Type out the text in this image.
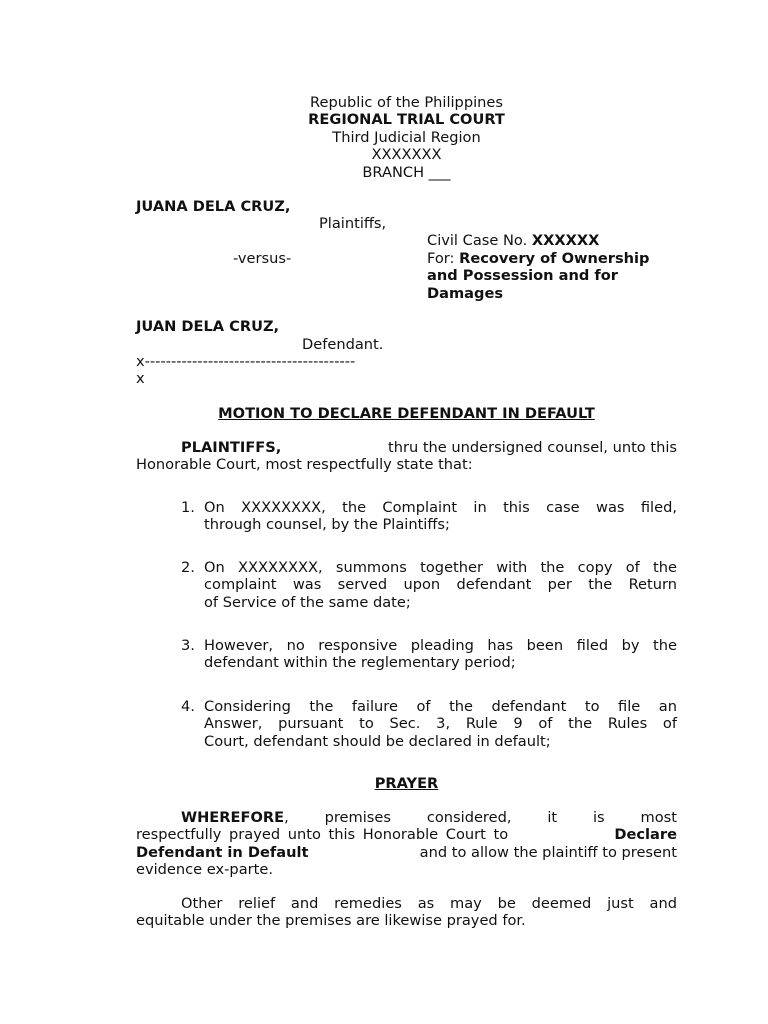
Republic of the Philippines
REGIONAL TRIAL COURT
Third Judicial Region
XXXXXXX
BRANCH ___
JUANA DELA CRUZ,
Plaintiffs,
Civil Case No. XXXXXX
-versus-	For: Recovery of Ownership
and Possession and for
Damages
JUAN DELA CRUZ,
Defendant.
x----------------------------------------
x
MOTION TO DECLARE DEFENDANT IN DEFAULT
PLAINTIFFS,	thru the undersigned counsel, unto this
Honorable Court, most respectfully state that:
1. On XXXXXXXX, the Complaint in this case was filed,
through counsel, by the Plaintiffs;
2. On XXXXXXXX, summons together with the copy of the
complaint was served upon defendant per the Return
of Service of the same date;
3. However, no responsive pleading has been filed by the
defendant within the reglementary period;
4. Considering the failure of the defendant to file an
Answer, pursuant to Sec. 3, Rule 9 of the Rules of
Court, defendant should be declared in default;
PRAYER
WHEREFORE, premises considered, it is most
respectfully prayed unto this Honorable Court to	Declare
Defendant in Default	and to allow the plaintiff to present
evidence ex-parte.
Other relief and remedies as may be deemed just and
equitable under the premises are likewise prayed for.
